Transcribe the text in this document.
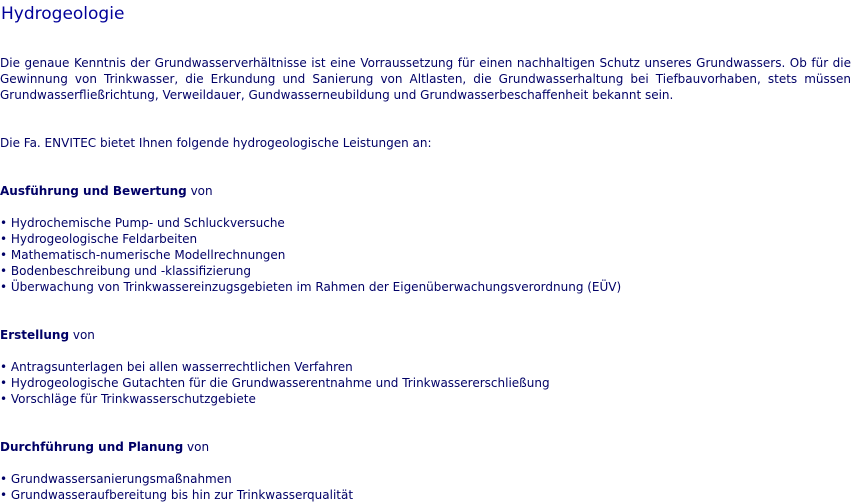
Hydrogeologie

Die genaue Kenntnis der Grundwasserverhältnisse ist eine Vorraussetzung für einen nachhaltigen Schutz unseres Grundwassers. Ob für die Gewinnung von Trinkwasser, die Erkundung und Sanierung von Altlasten, die Grundwasserhaltung bei Tiefbauvorhaben, stets müssen Grundwasserfließrichtung, Verweildauer, Gundwasserneubildung und Grundwasserbeschaffenheit bekannt sein.

Die Fa. ENVITEC bietet Ihnen folgende hydrogeologische Leistungen an:

Ausführung und Bewertung von

• Hydrochemische Pump- und Schluckversuche
• Hydrogeologische Feldarbeiten
• Mathematisch-numerische Modellrechnungen
• Bodenbeschreibung und -klassifizierung
• Überwachung von Trinkwassereinzugsgebieten im Rahmen der Eigenüberwachungsverordnung (EÜV)

Erstellung von

• Antragsunterlagen bei allen wasserrechtlichen Verfahren
• Hydrogeologische Gutachten für die Grundwasserentnahme und Trinkwassererschließung
• Vorschläge für Trinkwasserschutzgebiete

Durchführung und Planung von

• Grundwassersanierungsmaßnahmen
• Grundwasseraufbereitung bis hin zur Trinkwasserqualität
